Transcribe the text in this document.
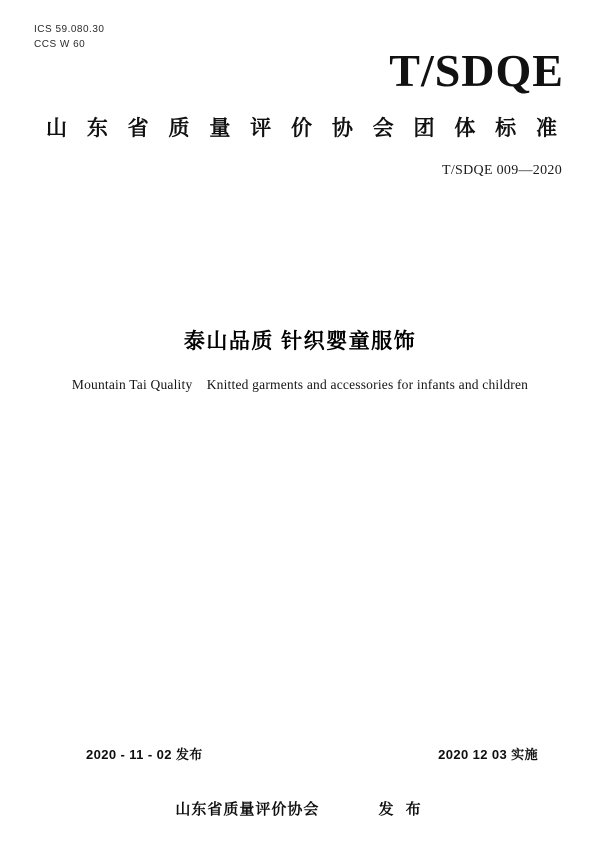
ICS 59.080.30
CCS W 60
T/SDQE
山 东 省 质 量 评 价 协 会 团 体 标 准
T/SDQE 009—2020
泰山品质 针织婴童服饰
Mountain Tai Quality    Knitted garments and accessories for infants and children
2020 - 11 - 02 发布	2020 12 03 实施
山东省质量评价协会	发 布
